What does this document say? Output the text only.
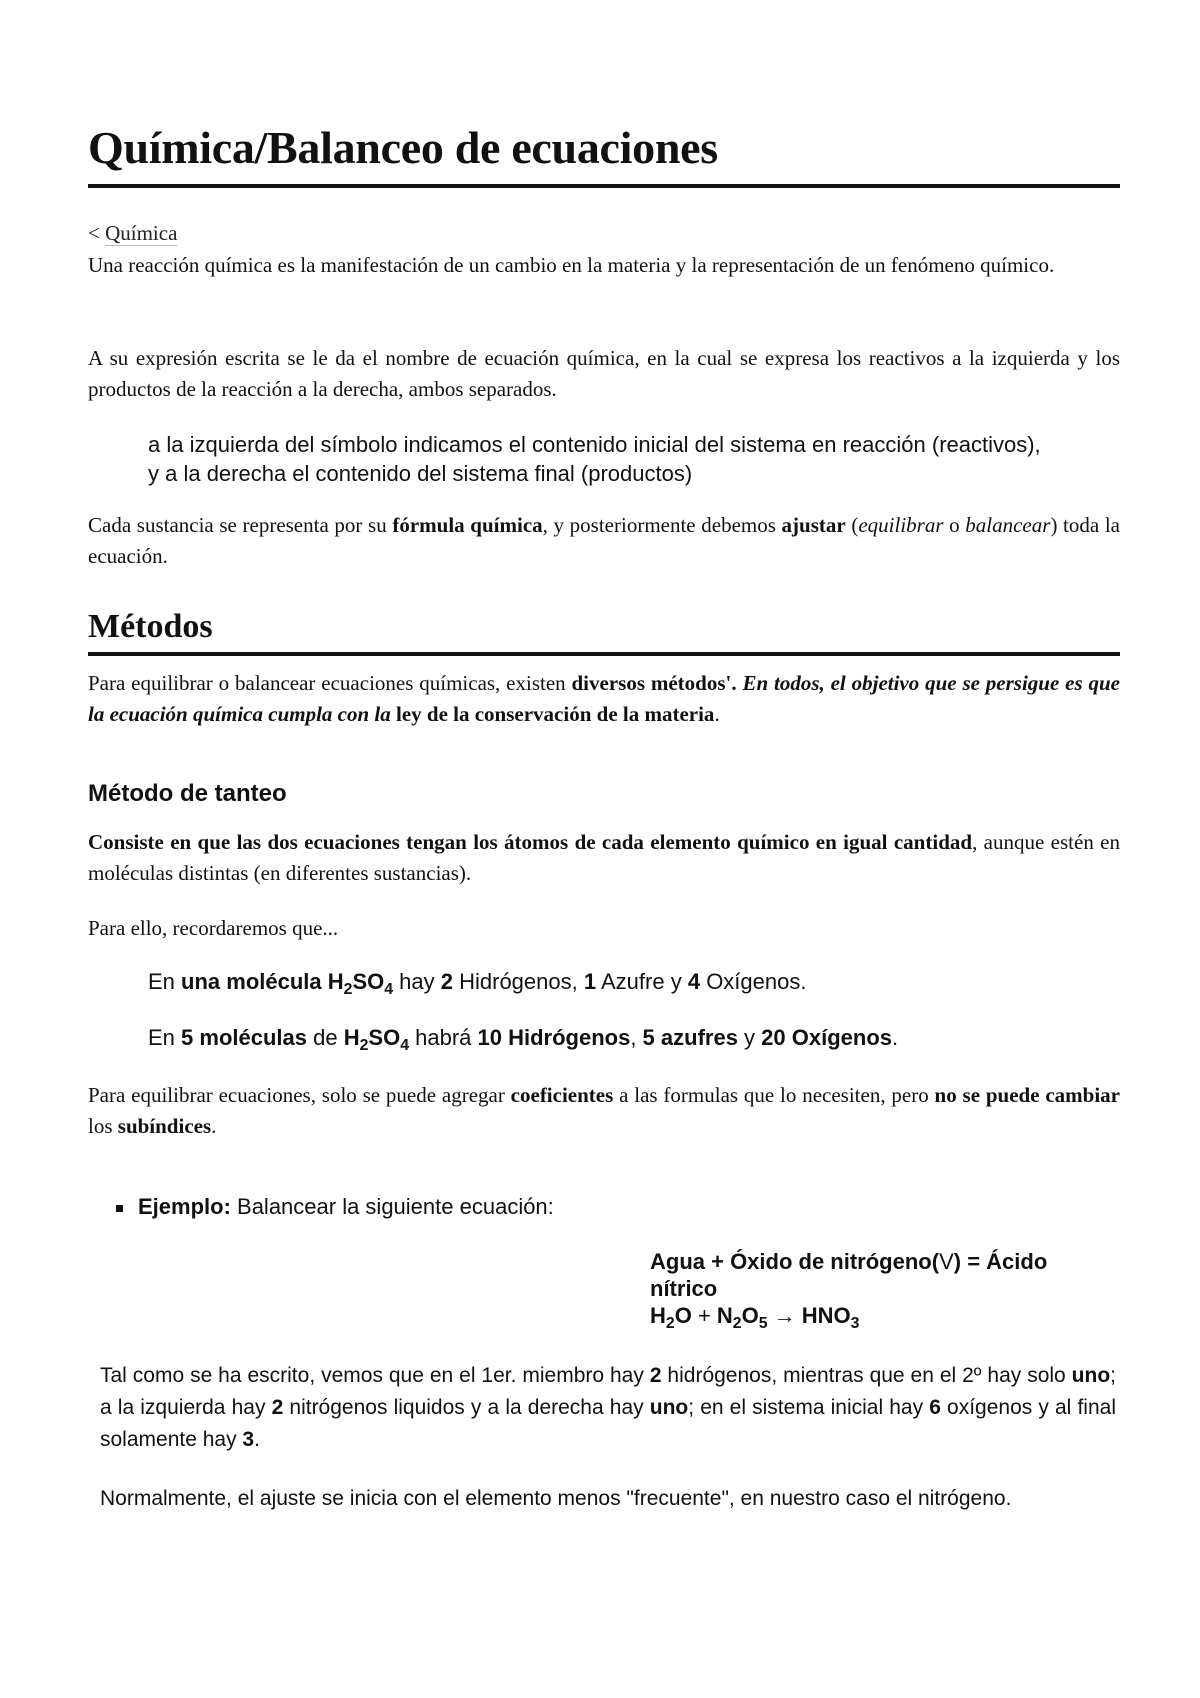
Química/Balanceo de ecuaciones
< Química

Una reacción química es la manifestación de un cambio en la materia y la representación de un fenómeno químico.

A su expresión escrita se le da el nombre de ecuación química, en la cual se expresa los reactivos a la izquierda y los productos de la reacción a la derecha, ambos separados.

a la izquierda del símbolo indicamos el contenido inicial del sistema en reacción (reactivos), y a la derecha el contenido del sistema final (productos)

Cada sustancia se representa por su fórmula química, y posteriormente debemos ajustar (equilibrar o balancear) toda la ecuación.

Métodos

Para equilibrar o balancear ecuaciones químicas, existen diversos métodos'. En todos, el objetivo que se persigue es que la ecuación química cumpla con la ley de la conservación de la materia.

Método de tanteo

Consiste en que las dos ecuaciones tengan los átomos de cada elemento químico en igual cantidad, aunque estén en moléculas distintas (en diferentes sustancias).

Para ello, recordaremos que...

En una molécula $H_2SO_4$ hay 2 Hidrógenos, 1 Azufre y 4 Oxígenos.

En 5 moléculas de $H_2SO_4$ habrá 10 Hidrógenos, 5 azufres y 20 Oxígenos.

Para equilibrar ecuaciones, solo se puede agregar coeficientes a las formulas que lo necesiten, pero no se puede cambiar los subíndices.

Ejemplo: Balancear la siguiente ecuación:
Agua + Óxido de nitrógeno(V) = Ácido nítrico
$H_2O + N_2O_5 \to HNO_3$

Tal como se ha escrito, vemos que en el 1er. miembro hay 2 hidrógenos, mientras que en el 2º hay solo uno; a la izquierda hay 2 nitrógenos liquidos y a la derecha hay uno; en el sistema inicial hay 6 oxígenos y al final solamente hay 3.

Normalmente, el ajuste se inicia con el elemento menos "frecuente", en nuestro caso el nitrógeno.
